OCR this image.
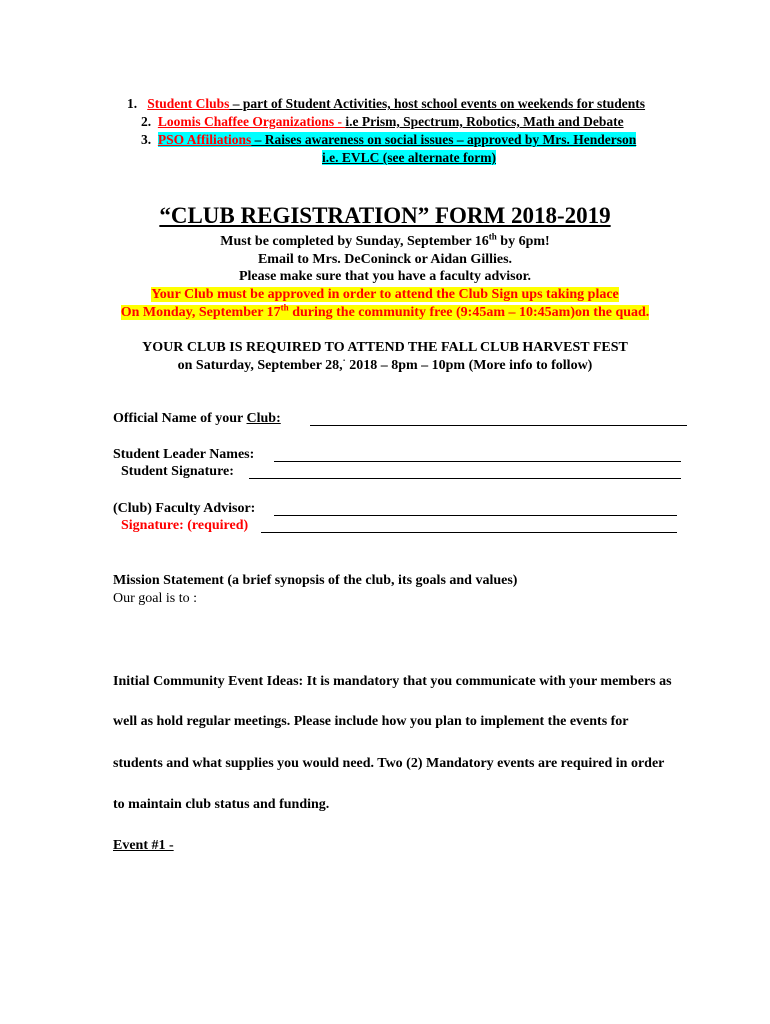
1. Student Clubs – part of Student Activities, host school events on weekends for students
2. Loomis Chaffee Organizations - i.e Prism, Spectrum, Robotics, Math and Debate
3. PSO Affiliations – Raises awareness on social issues – approved by Mrs. Henderson
i.e. EVLC (see alternate form)
“CLUB REGISTRATION” FORM 2018-2019
Must be completed by Sunday, September 16th by 6pm!
Email to Mrs. DeConinck or Aidan Gillies.
Please make sure that you have a faculty advisor.
Your Club must be approved in order to attend the Club Sign ups taking place
On Monday, September 17th during the community free (9:45am – 10:45am)on the quad.
YOUR CLUB IS REQUIRED TO ATTEND THE FALL CLUB HARVEST FEST
on Saturday, September 28,· 2018 – 8pm – 10pm (More info to follow)
Official Name of your Club:
Student Leader Names:
Student Signature:
(Club) Faculty Advisor:
Signature: (required)
Mission Statement (a brief synopsis of the club, its goals and values)
Our goal is to :
Initial Community Event Ideas: It is mandatory that you communicate with your members as
well as hold regular meetings. Please include how you plan to implement the events for
students and what supplies you would need. Two (2) Mandatory events are required in order
to maintain club status and funding.
Event #1 -
